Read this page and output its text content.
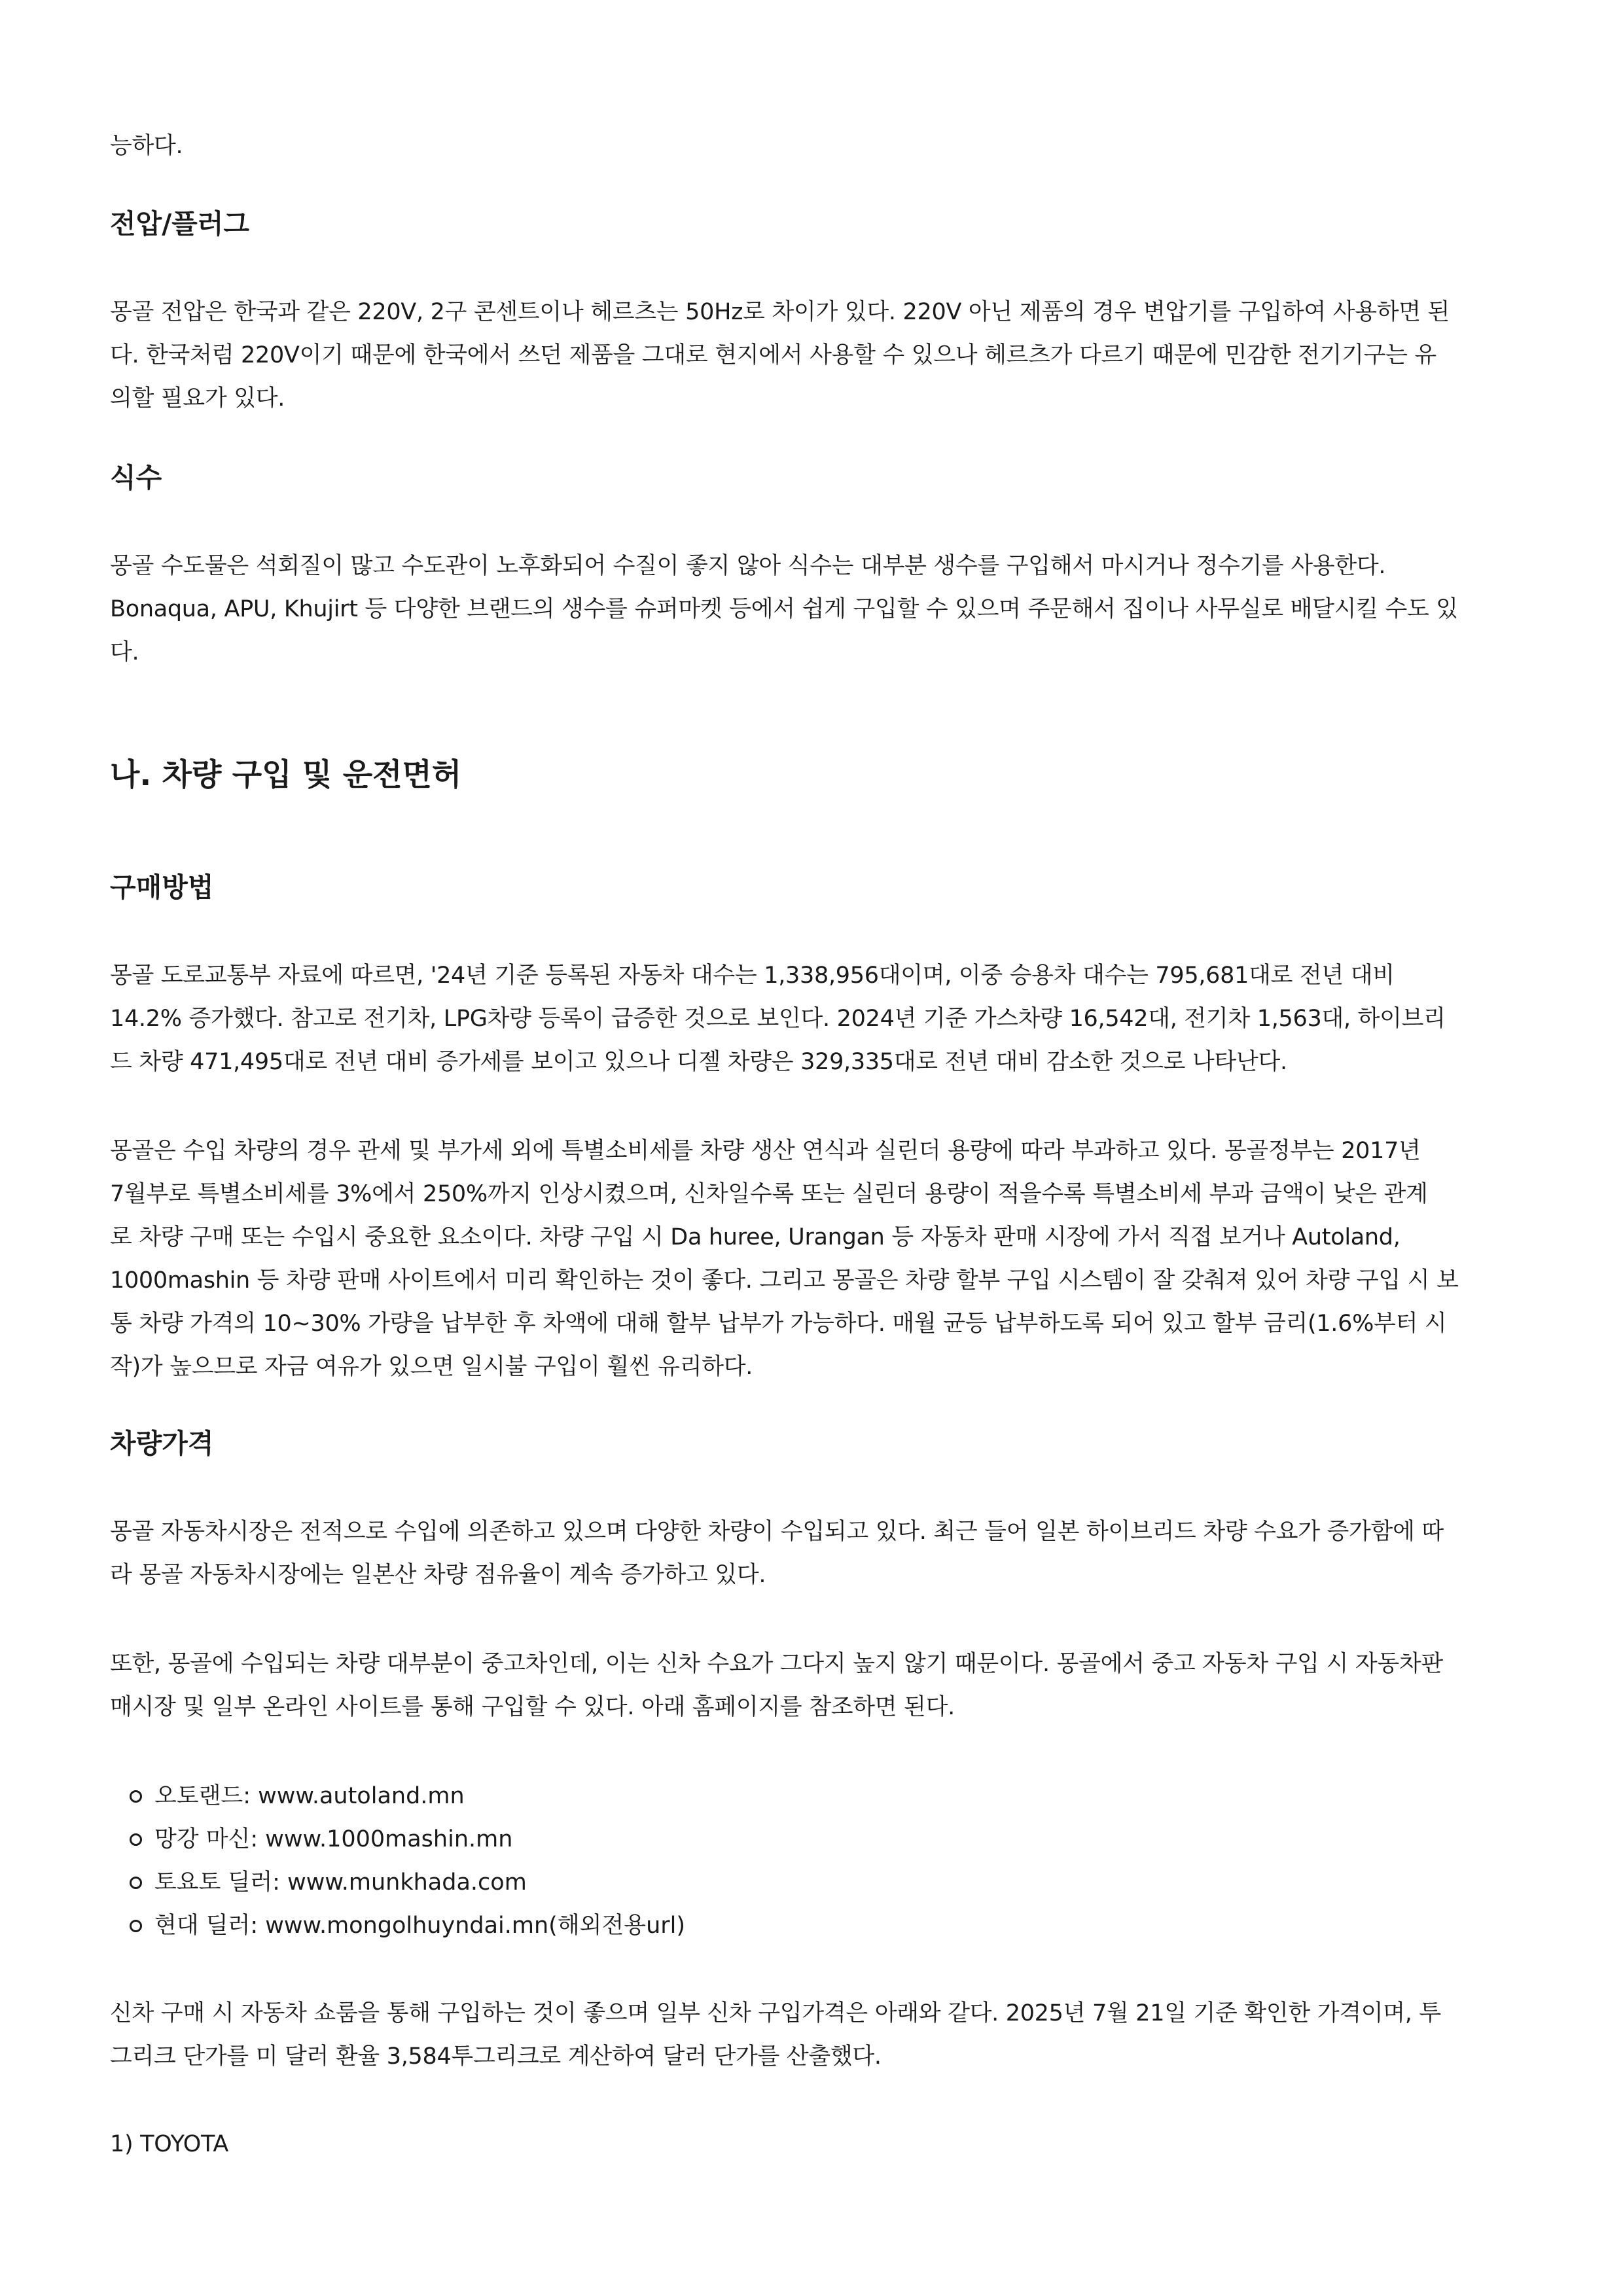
능하다.

전압/플러그
몽골 전압은 한국과 같은 220V, 2구 콘센트이나 헤르츠는 50Hz로 차이가 있다. 220V 아닌 제품의 경우 변압기를 구입하여 사용하면 된
다. 한국처럼 220V이기 때문에 한국에서 쓰던 제품을 그대로 현지에서 사용할 수 있으나 헤르츠가 다르기 때문에 민감한 전기기구는 유
의할 필요가 있다.
식수
몽골 수도물은 석회질이 많고 수도관이 노후화되어 수질이 좋지 않아 식수는 대부분 생수를 구입해서 마시거나 정수기를 사용한다.
Bonaqua, APU, Khujirt 등 다양한 브랜드의 생수를 슈퍼마켓 등에서 쉽게 구입할 수 있으며 주문해서 집이나 사무실로 배달시킬 수도 있
다.
나. 차량 구입 및 운전면허
구매방법
몽골 도로교통부 자료에 따르면, '24년 기준 등록된 자동차 대수는 1,338,956대이며, 이중 승용차 대수는 795,681대로 전년 대비
14.2% 증가했다. 참고로 전기차, LPG차량 등록이 급증한 것으로 보인다. 2024년 기준 가스차량 16,542대, 전기차 1,563대, 하이브리
드 차량 471,495대로 전년 대비 증가세를 보이고 있으나 디젤 차량은 329,335대로 전년 대비 감소한 것으로 나타난다.
몽골은 수입 차량의 경우 관세 및 부가세 외에 특별소비세를 차량 생산 연식과 실린더 용량에 따라 부과하고 있다. 몽골정부는 2017년
7월부로 특별소비세를 3%에서 250%까지 인상시켰으며, 신차일수록 또는 실린더 용량이 적을수록 특별소비세 부과 금액이 낮은 관계
로 차량 구매 또는 수입시 중요한 요소이다. 차량 구입 시 Da huree, Urangan 등 자동차 판매 시장에 가서 직접 보거나 Autoland,
1000mashin 등 차량 판매 사이트에서 미리 확인하는 것이 좋다. 그리고 몽골은 차량 할부 구입 시스템이 잘 갖춰져 있어 차량 구입 시 보
통 차량 가격의 10~30% 가량을 납부한 후 차액에 대해 할부 납부가 가능하다. 매월 균등 납부하도록 되어 있고 할부 금리(1.6%부터 시
작)가 높으므로 자금 여유가 있으면 일시불 구입이 훨씬 유리하다.
차량가격
몽골 자동차시장은 전적으로 수입에 의존하고 있으며 다양한 차량이 수입되고 있다. 최근 들어 일본 하이브리드 차량 수요가 증가함에 따
라 몽골 자동차시장에는 일본산 차량 점유율이 계속 증가하고 있다.
또한, 몽골에 수입되는 차량 대부분이 중고차인데, 이는 신차 수요가 그다지 높지 않기 때문이다. 몽골에서 중고 자동차 구입 시 자동차판
매시장 및 일부 온라인 사이트를 통해 구입할 수 있다. 아래 홈페이지를 참조하면 된다.
오토랜드: www.autoland.mn
망강 마신: www.1000mashin.mn
토요토 딜러: www.munkhada.com
현대 딜러: www.mongolhuyndai.mn(해외전용url)
신차 구매 시 자동차 쇼룸을 통해 구입하는 것이 좋으며 일부 신차 구입가격은 아래와 같다. 2025년 7월 21일 기준 확인한 가격이며, 투
그리크 단가를 미 달러 환율 3,584투그리크로 계산하여 달러 단가를 산출했다.

1) TOYOTA
